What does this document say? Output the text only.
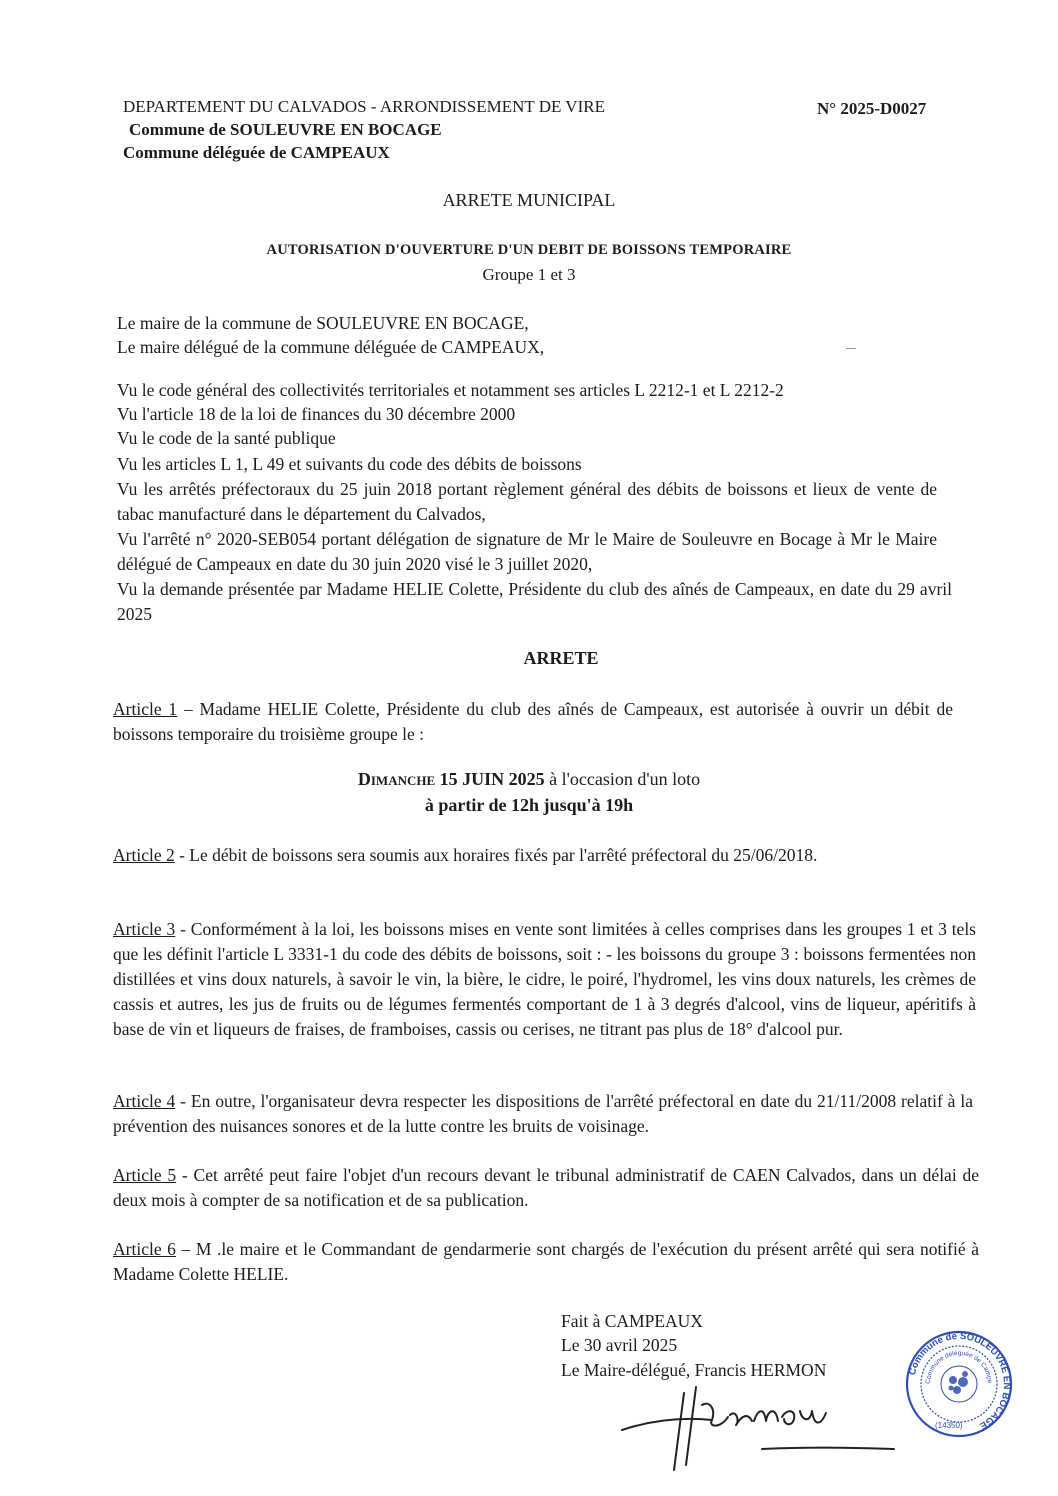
DEPARTEMENT DU CALVADOS - ARRONDISSEMENT DE VIRE
Commune de SOULEUVRE EN BOCAGE
Commune déléguée de CAMPEAUX
N° 2025-D0027
ARRETE MUNICIPAL
AUTORISATION D'OUVERTURE D'UN DEBIT DE BOISSONS TEMPORAIRE
Groupe 1 et 3
Le maire de la commune de SOULEUVRE EN BOCAGE,
Le maire délégué de la commune déléguée de CAMPEAUX,
Vu le code général des collectivités territoriales et notamment ses articles L 2212-1 et L 2212-2
Vu l'article 18 de la loi de finances du 30 décembre 2000
Vu le code de la santé publique
Vu les articles L 1, L 49 et suivants du code des débits de boissons
Vu les arrêtés préfectoraux du 25 juin 2018 portant règlement général des débits de boissons et lieux de vente de tabac manufacturé dans le département du Calvados,
Vu l'arrêté n° 2020-SEB054 portant délégation de signature de Mr le Maire de Souleuvre en Bocage à Mr le Maire délégué de Campeaux en date du 30 juin 2020 visé le 3 juillet 2020,
Vu la demande présentée par Madame HELIE Colette, Présidente du club des aînés de Campeaux, en date du 29 avril 2025
ARRETE
Article 1 – Madame HELIE Colette, Présidente du club des aînés de Campeaux, est autorisée à ouvrir un débit de boissons temporaire du troisième groupe le :
Dimanche 15 JUIN 2025 à l'occasion d'un loto
à partir de 12h jusqu'à 19h
Article 2 - Le débit de boissons sera soumis aux horaires fixés par l'arrêté préfectoral du 25/06/2018.
Article 3 - Conformément à la loi, les boissons mises en vente sont limitées à celles comprises dans les groupes 1 et 3 tels que les définit l'article L 3331-1 du code des débits de boissons, soit : - les boissons du groupe 3 : boissons fermentées non distillées et vins doux naturels, à savoir le vin, la bière, le cidre, le poiré, l'hydromel, les vins doux naturels, les crèmes de cassis et autres, les jus de fruits ou de légumes fermentés comportant de 1 à 3 degrés d'alcool, vins de liqueur, apéritifs à base de vin et liqueurs de fraises, de framboises, cassis ou cerises, ne titrant pas plus de 18° d'alcool pur.
Article 4 - En outre, l'organisateur devra respecter les dispositions de l'arrêté préfectoral en date du 21/11/2008 relatif à la prévention des nuisances sonores et de la lutte contre les bruits de voisinage.
Article 5 - Cet arrêté peut faire l'objet d'un recours devant le tribunal administratif de CAEN Calvados, dans un délai de deux mois à compter de sa notification et de sa publication.
Article 6 – M .le maire et le Commandant de gendarmerie sont chargés de l'exécution du présent arrêté qui sera notifié à Madame Colette HELIE.
Fait à CAMPEAUX
Le 30 avril 2025
Le Maire-délégué, Francis HERMON	Commune de SOULEUVRE EN BOCAGE
Commune déléguée de Campe
(14350)
